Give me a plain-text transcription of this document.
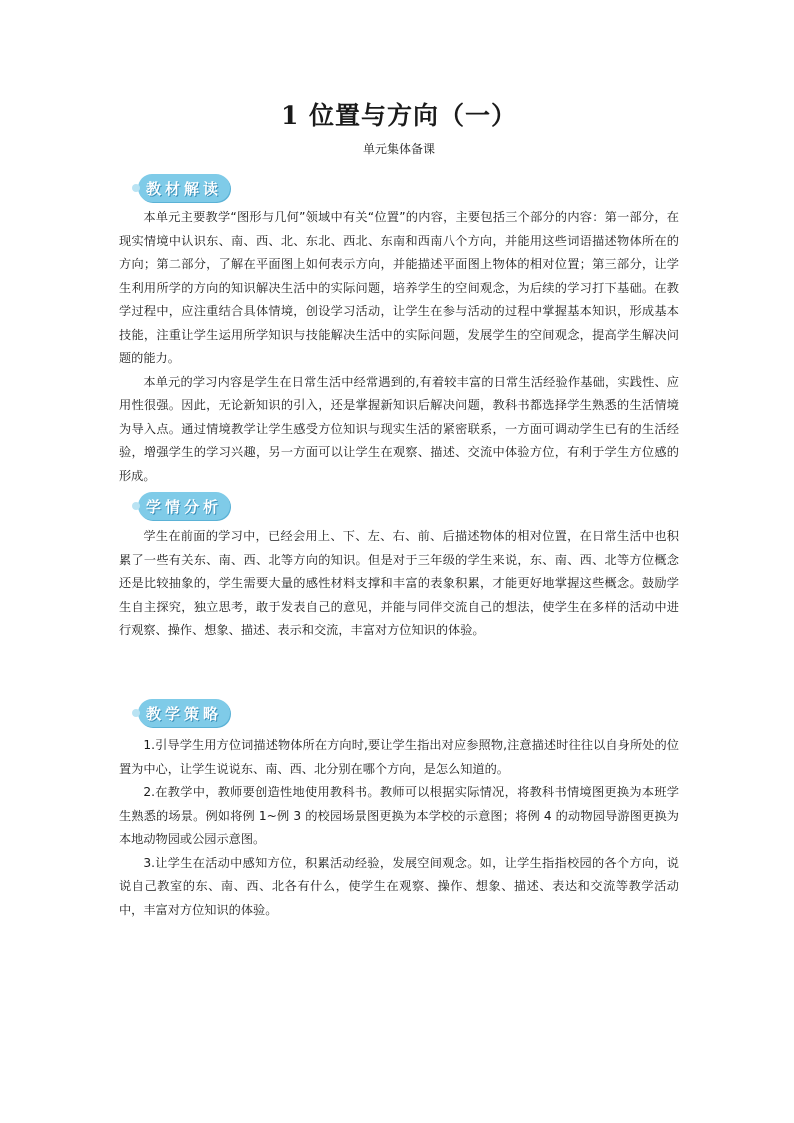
1 位置与方向（一）
单元集体备课
教材解读

本单元主要教学“图形与几何”领域中有关“位置”的内容，主要包括三个部分的内容：第一部分，在现实情境中认识东、南、西、北、东北、西北、东南和西南八个方向，并能用这些词语描述物体所在的方向；第二部分，了解在平面图上如何表示方向，并能描述平面图上物体的相对位置；第三部分，让学生利用所学的方向的知识解决生活中的实际问题，培养学生的空间观念，为后续的学习打下基础。在教学过程中，应注重结合具体情境，创设学习活动，让学生在参与活动的过程中掌握基本知识，形成基本技能，注重让学生运用所学知识与技能解决生活中的实际问题，发展学生的空间观念，提高学生解决问题的能力。

本单元的学习内容是学生在日常生活中经常遇到的,有着较丰富的日常生活经验作基础，实践性、应用性很强。因此，无论新知识的引入，还是掌握新知识后解决问题，教科书都选择学生熟悉的生活情境为导入点。通过情境教学让学生感受方位知识与现实生活的紧密联系，一方面可调动学生已有的生活经验，增强学生的学习兴趣，另一方面可以让学生在观察、描述、交流中体验方位，有利于学生方位感的形成。

学情分析

学生在前面的学习中，已经会用上、下、左、右、前、后描述物体的相对位置，在日常生活中也积累了一些有关东、南、西、北等方向的知识。但是对于三年级的学生来说，东、南、西、北等方位概念还是比较抽象的，学生需要大量的感性材料支撑和丰富的表象积累，才能更好地掌握这些概念。鼓励学生自主探究，独立思考，敢于发表自己的意见，并能与同伴交流自己的想法，使学生在多样的活动中进行观察、操作、想象、描述、表示和交流，丰富对方位知识的体验。

教学策略

1.引导学生用方位词描述物体所在方向时,要让学生指出对应参照物,注意描述时往往以自身所处的位置为中心，让学生说说东、南、西、北分别在哪个方向，是怎么知道的。

2.在教学中，教师要创造性地使用教科书。教师可以根据实际情况，将教科书情境图更换为本班学生熟悉的场景。例如将例 1~例 3 的校园场景图更换为本学校的示意图；将例 4 的动物园导游图更换为本地动物园或公园示意图。

3.让学生在活动中感知方位，积累活动经验，发展空间观念。如，让学生指指校园的各个方向，说说自己教室的东、南、西、北各有什么，使学生在观察、操作、想象、描述、表达和交流等教学活动中，丰富对方位知识的体验。
